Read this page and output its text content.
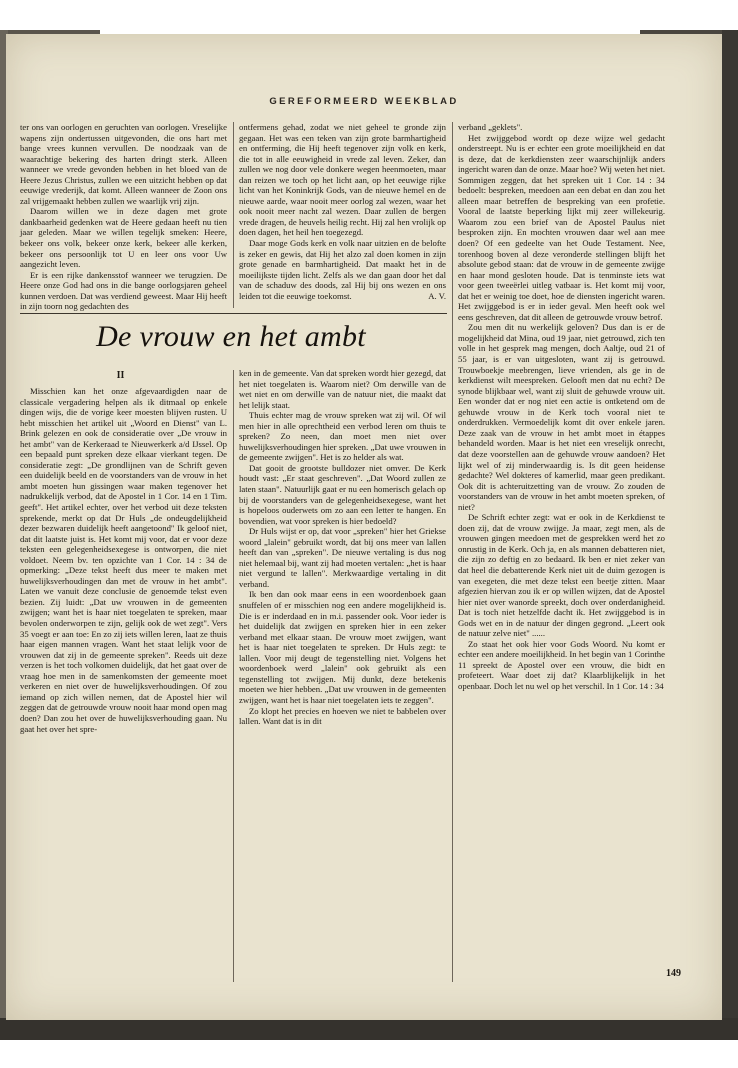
GEREFORMEERD WEEKBLAD

ter ons van oorlogen en geruchten van oorlogen. Vreselijke wapens zijn ondertussen uitgevonden, die ons hart met bange vrees kunnen vervullen. De noodzaak van de waarachtige bekering des harten dringt sterk. Alleen wanneer we vrede gevonden hebben in het bloed van de Heere Jezus Christus, zullen we een uitzicht hebben op dat eeuwige vrederijk, dat komt. Alleen wanneer de Zoon ons zal vrijgemaakt hebben zullen we waarlijk vrij zijn.

Daarom willen we in deze dagen met grote dankbaarheid gedenken wat de Heere gedaan heeft nu tien jaar geleden. Maar we willen tegelijk smeken: Heere, bekeer ons volk, bekeer onze kerk, bekeer alle kerken, bekeer ons persoonlijk tot U en leer ons voor Uw aangezicht leven.

Er is een rijke dankensstof wanneer we terugzien. De Heere onze God had ons in die bange oorlogsjaren geheel kunnen verdoen. Dat was verdiend geweest. Maar Hij heeft in zijn toorn nog gedachten des

ontfermens gehad, zodat we niet geheel te gronde zijn gegaan. Het was een teken van zijn grote barmhartigheid en ontferming, die Hij heeft tegenover zijn volk en kerk, die tot in alle eeuwigheid in vrede zal leven. Zeker, dan zullen we nog door vele donkere wegen heenmoeten, maar dan reizen we toch op het licht aan, op het eeuwige rijke licht van het Koninkrijk Gods, van de nieuwe hemel en de nieuwe aarde, waar nooit meer oorlog zal wezen, waar het ook nooit meer nacht zal wezen. Daar zullen de bergen vrede dragen, de heuvels heilig recht. Hij zal hen vrolijk op doen dagen, het heil hen toegezegd.

Daar moge Gods kerk en volk naar uitzien en de belofte is zeker en gewis, dat Hij het alzo zal doen komen in zijn grote genade en barmhartigheid. Dat maakt het in de moeilijkste tijden licht. Zelfs als we dan gaan door het dal van de schaduw des doods, zal Hij bij ons wezen en ons leiden tot die eeuwige toekomst.	A. V.

De vrouw en het ambt
II

Misschien kan het onze afgevaardigden naar de classicale vergadering helpen als ik ditmaal op enkele dingen wijs, die de vorige keer moesten blijven rusten. U hebt misschien het artikel uit „Woord en Dienst" van L. Brink gelezen en ook de consideratie over „De vrouw in het ambt" van de Kerkeraad te Nieuwerkerk a/d IJssel. Op een bepaald punt spreken deze elkaar vierkant tegen. De consideratie zegt: „De grondlijnen van de Schrift geven een duidelijk beeld en de voorstanders van de vrouw in het ambt moeten hun gissingen waar maken tegenover het nadrukkelijk verbod, dat de Apostel in 1 Cor. 14 en 1 Tim. geeft". Het artikel echter, over het verbod uit deze teksten sprekende, merkt op dat Dr Huls „de ondeugdelijkheid dezer bezwaren duidelijk heeft aangetoond" Ik geloof niet, dat dit laatste juist is. Het komt mij voor, dat er voor deze teksten een gelegenheidsexegese is ontworpen, die niet voldoet. Neem bv. ten opzichte van 1 Cor. 14 : 34 de opmerking: „Deze tekst heeft dus meer te maken met huwelijksverhoudingen dan met de vrouw in het ambt". Laten we vanuit deze conclusie de genoemde tekst even bezien. Zij luidt: „Dat uw vrouwen in de gemeenten zwijgen; want het is haar niet toegelaten te spreken, maar bevolen onderworpen te zijn, gelijk ook de wet zegt". Vers 35 voegt er aan toe: En zo zij iets willen leren, laat ze thuis haar eigen mannen vragen. Want het staat lelijk voor de vrouwen dat zij in de gemeente spreken". Reeds uit deze verzen is het toch volkomen duidelijk, dat het gaat over de vraag hoe men in de samenkomsten der gemeente moet verkeren en niet over de huwelijksverhoudingen. Of zou iemand op zich willen nemen, dat de Apostel hier wil zeggen dat de getrouwde vrouw nooit haar mond open mag doen? Dan zou het over de huwelijksverhouding gaan. Nu gaat het over het spre-

ken in de gemeente. Van dat spreken wordt hier gezegd, dat het niet toegelaten is. Waarom niet? Om derwille van de wet niet en om derwille van de natuur niet, die maakt dat het lelijk staat.

Thuis echter mag de vrouw spreken wat zij wil. Of wil men hier in alle oprechtheid een verbod leren om thuis te spreken? Zo neen, dan moet men niet over huwelijksverhoudingen hier spreken. „Dat uwe vrouwen in de gemeente zwijgen". Het is zo helder als wat.

Dat gooit de grootste bulldozer niet omver. De Kerk houdt vast: „Er staat geschreven". „Dat Woord zullen ze laten staan". Natuurlijk gaat er nu een homerisch gelach op bij de voorstanders van de gelegenheidsexegese, want het is hopeloos ouderwets om zo aan een letter te hangen. En bovendien, wat voor spreken is hier bedoeld?

Dr Huls wijst er op, dat voor „spreken" hier het Griekse woord „lalein" gebruikt wordt, dat bij ons meer van lallen heeft dan van „spreken". De nieuwe vertaling is dus nog niet helemaal bij, want zij had moeten vertalen: „het is haar niet vergund te lallen". Merkwaardige vertaling in dit verband.

Ik ben dan ook maar eens in een woordenboek gaan snuffelen of er misschien nog een andere mogelijkheid is. Die is er inderdaad en in m.i. passender ook. Voor ieder is het duidelijk dat zwijgen en spreken hier in een zeker verband met elkaar staan. De vrouw moet zwijgen, want het is haar niet toegelaten te spreken. Dr Huls zegt: te lallen. Voor mij deugt de tegenstelling niet. Volgens het woordenboek werd „lalein" ook gebruikt als een tegenstelling tot zwijgen. Mij dunkt, deze betekenis moeten we hier hebben. „Dat uw vrouwen in de gemeenten zwijgen, want het is haar niet toegelaten iets te zeggen".

Zo klopt het precies en hoeven we niet te babbelen over lallen. Want dat is in dit

verband „geklets".

Het zwijggebod wordt op deze wijze wel gedacht onderstreept. Nu is er echter een grote moeilijkheid en dat is deze, dat de kerkdiensten zeer waarschijnlijk anders ingericht waren dan de onze. Maar hoe? Wij weten het niet. Sommigen zeggen, dat het spreken uit 1 Cor. 14 : 34 bedoelt: bespreken, meedoen aan een debat en dan zou het alleen maar betreffen de bespreking van een profetie. Vooral de laatste beperking lijkt mij zeer willekeurig. Waarom zou een brief van de Apostel Paulus niet besproken zijn. En mochten vrouwen daar wel aan mee doen? Of een gedeelte van het Oude Testament. Nee, torenhoog boven al deze veronderde stellingen blijft het absolute gebod staan: dat de vrouw in de gemeente zwijge en haar mond gesloten houde. Dat is tenminste iets wat voor geen tweeërlei uitleg vatbaar is. Het komt mij voor, dat het er weinig toe doet, hoe de diensten ingericht waren. Het zwijggebod is er in ieder geval. Men heeft ook wel eens geschreven, dat dit alleen de getrouwde vrouw betrof.

Zou men dit nu werkelijk geloven? Dus dan is er de mogelijkheid dat Mina, oud 19 jaar, niet getrouwd, zich ten volle in het gesprek mag mengen, doch Aaltje, oud 21 of 55 jaar, is er van uitgesloten, want zij is getrouwd. Trouwboekje meebrengen, lieve vrienden, als ge in de kerkdienst wilt meespreken. Gelooft men dat nu echt? De synode blijkbaar wel, want zij sluit de gehuwde vrouw uit. Een wonder dat er nog niet een actie is ontketend om de gehuwde vrouw in de Kerk toch vooral niet te onderdrukken. Vermoedelijk komt dit over enkele jaren. Deze zaak van de vrouw in het ambt moet in étappes behandeld worden. Maar is het niet een vreselijk onrecht, dat deze voorstellen aan de gehuwde vrouw aandoen? Het lijkt wel of zij minderwaardig is. Is dit geen heidense gedachte? Wel dokteres of kamerlid, maar geen predikant. Ook dit is achteruitzetting van de vrouw. Zo zouden de voorstanders van de vrouw in het ambt moeten spreken, of niet?

De Schrift echter zegt: wat er ook in de Kerkdienst te doen zij, dat de vrouw zwijge. Ja maar, zegt men, als de vrouwen gingen meedoen met de gesprekken werd het zo onrustig in de Kerk. Och ja, en als mannen debatteren niet, die zijn zo deftig en zo bedaard. Ik ben er niet zeker van dat heel die debatterende Kerk niet uit de duim gezogen is van exegeten, die met deze tekst een beetje zitten. Maar afgezien hiervan zou ik er op willen wijzen, dat de Apostel hier niet over wanorde spreekt, doch over onderdanigheid. Dat is toch niet hetzelfde dacht ik. Het zwijggebod is in Gods wet en in de natuur der dingen gegrond. „Leert ook de natuur zelve niet" ......

Zo staat het ook hier voor Gods Woord. Nu komt er echter een andere moeilijkheid. In het begin van 1 Corinthe 11 spreekt de Apostel over een vrouw, die bidt en profeteert. Waar doet zij dat? Klaarblijkelijk in het openbaar. Doch let nu wel op het verschil. In 1 Cor. 14 : 34

149
